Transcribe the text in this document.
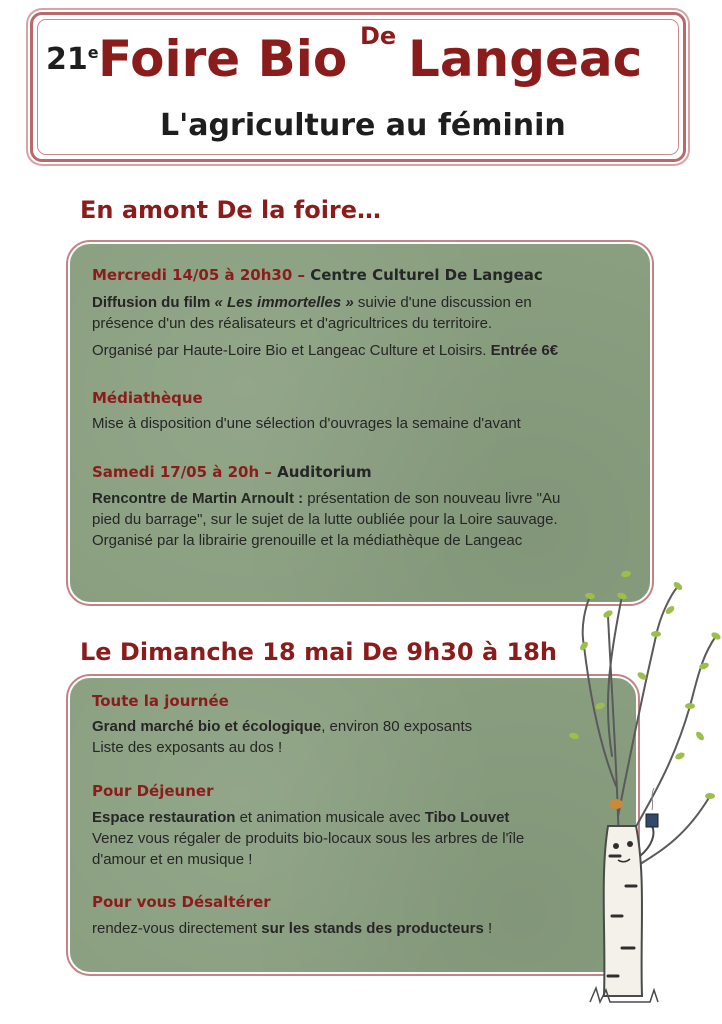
21e Foire Bio De Langeac
L'agriculture au féminin
En amont De la foire…
Mercredi 14/05 à 20h30 – Centre Culturel De Langeac
Diffusion du film « Les immortelles » suivie d'une discussion en
présence d'un des réalisateurs et d'agricultrices du territoire.
Organisé par Haute-Loire Bio et Langeac Culture et Loisirs. Entrée 6€
Médiathèque
Mise à disposition d'une sélection d'ouvrages la semaine d'avant
Samedi 17/05 à 20h – Auditorium
Rencontre de Martin Arnoult : présentation de son nouveau livre "Au
pied du barrage", sur le sujet de la lutte oubliée pour la Loire sauvage.
Organisé par la librairie grenouille et la médiathèque de Langeac
Le Dimanche 18 mai De 9h30 à 18h
Toute la journée
Grand marché bio et écologique, environ 80 exposants
Liste des exposants au dos !
Pour Déjeuner
Espace restauration et animation musicale avec Tibo Louvet
Venez vous régaler de produits bio-locaux sous les arbres de l'île
d'amour et en musique !
Pour vous Désaltérer
rendez-vous directement sur les stands des producteurs !
